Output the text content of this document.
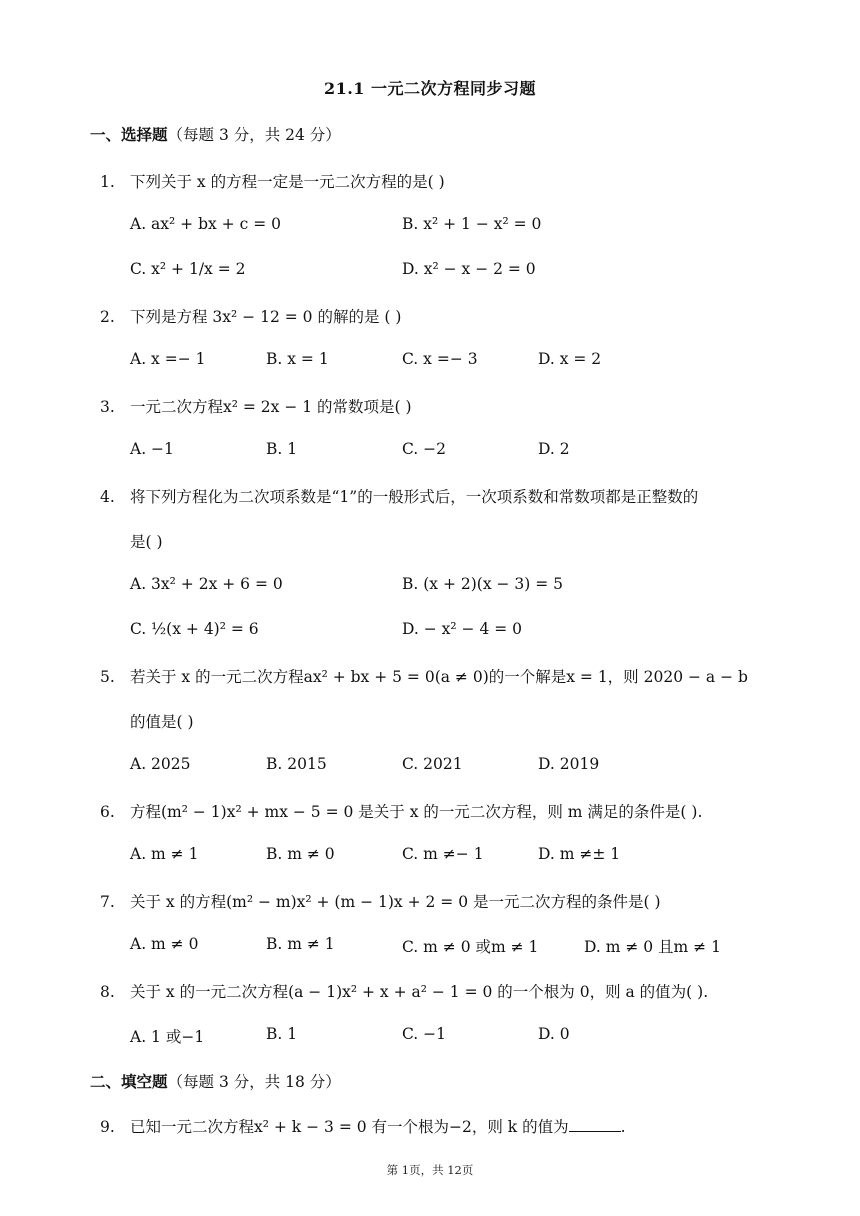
21.1 一元二次方程同步习题
一、选择题（每题 3 分，共 24 分）
1. 下列关于 x 的方程一定是一元二次方程的是( )
A. ax² + bx + c = 0	B. x² + 1 − x² = 0
C. x² + 1/x = 2	D. x² − x − 2 = 0
2. 下列是方程 3x² − 12 = 0 的解的是 ( )
A. x =− 1	B. x = 1	C. x =− 3	D. x = 2
3. 一元二次方程x² = 2x − 1 的常数项是( )
A. −1	B. 1	C. −2	D. 2
4. 将下列方程化为二次项系数是“1”的一般形式后，一次项系数和常数项都是正整数的
是( )
A. 3x² + 2x + 6 = 0	B. (x + 2)(x − 3) = 5
C. ½(x + 4)² = 6	D. − x² − 4 = 0
5. 若关于 x 的一元二次方程ax² + bx + 5 = 0(a ≠ 0)的一个解是x = 1，则 2020 − a − b
的值是( )
A. 2025	B. 2015	C. 2021	D. 2019
6. 方程(m² − 1)x² + mx − 5 = 0 是关于 x 的一元二次方程，则 m 满足的条件是( ).
A. m ≠ 1	B. m ≠ 0	C. m ≠− 1	D. m ≠± 1
7. 关于 x 的方程(m² − m)x² + (m − 1)x + 2 = 0 是一元二次方程的条件是( )
A. m ≠ 0	B. m ≠ 1	C. m ≠ 0 或m ≠ 1	D. m ≠ 0 且m ≠ 1
8. 关于 x 的一元二次方程(a − 1)x² + x + a² − 1 = 0 的一个根为 0，则 a 的值为( ).
A. 1 或−1	B. 1	C. −1	D. 0
二、填空题（每题 3 分，共 18 分）
9. 已知一元二次方程x² + k − 3 = 0 有一个根为−2，则 k 的值为	.
第 1页，共 12页
